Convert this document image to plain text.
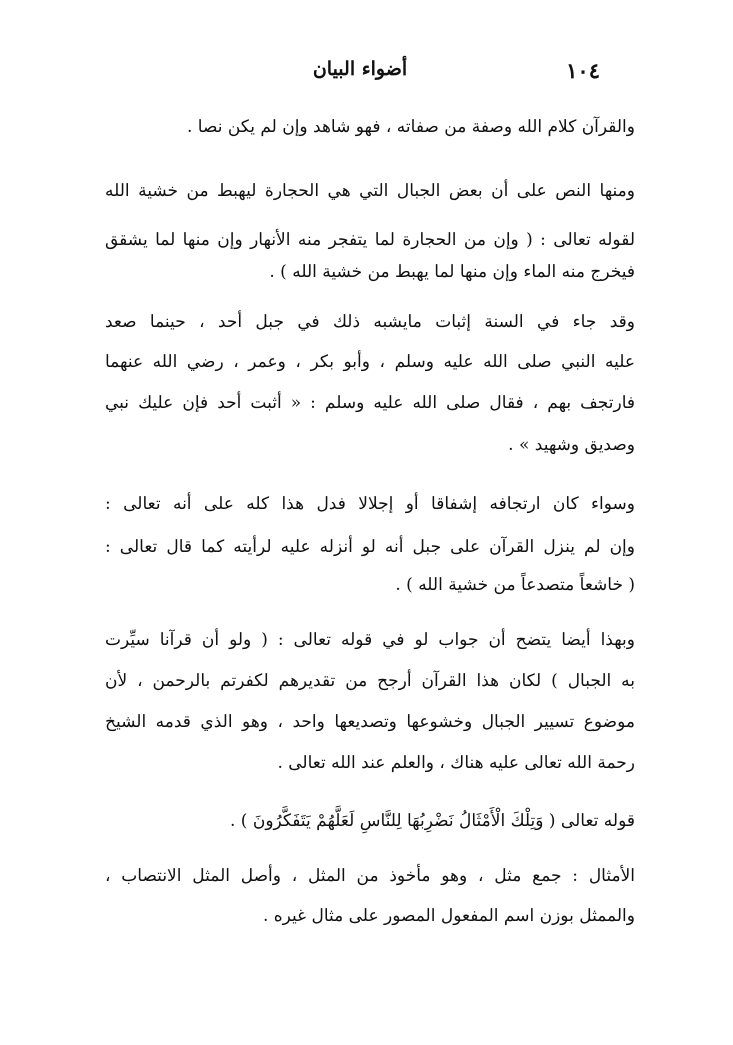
١٠٤
أضواء البيان
والقرآن كلام الله وصفة من صفاته ، فهو شاهد وإن لم يكن نصا .
ومنها النص على أن بعض الجبال التي هي الحجارة ليهبط من خشية الله
لقوله تعالى : ( وإن من الحجارة لما يتفجر منه الأنهار وإن منها لما يشقق
فيخرج منه الماء وإن منها لما يهبط من خشية الله ) .
وقد جاء في السنة إثبات مايشبه ذلك في جبل أحد ، حينما صعد
عليه النبي صلى الله عليه وسلم ، وأبو بكر ، وعمر ، رضي الله عنهما
فارتجف بهم ، فقال صلى الله عليه وسلم : « أثبت أحد فإن عليك نبي
وصديق وشهيد » .
وسواء كان ارتجافه إشفاقا أو إجلالا فدل هذا كله على أنه تعالى :
وإن لم ينزل القرآن على جبل أنه لو أنزله عليه لرأيته كما قال تعالى :
( خاشعاً متصدعاً من خشية الله ) .
وبهذا أيضا يتضح أن جواب لو في قوله تعالى : ( ولو أن قرآنا سيِّرت
به الجبال ) لكان هذا القرآن أرجح من تقديرهم لكفرتم بالرحمن ، لأن
موضوع تسيير الجبال وخشوعها وتصديعها واحد ، وهو الذي قدمه الشيخ
رحمة الله تعالى عليه هناك ، والعلم عند الله تعالى .
قوله تعالى ( وَتِلْكَ الْأَمْثَالُ نَضْرِبُهَا لِلنَّاسِ لَعَلَّهُمْ يَتَفَكَّرُونَ ) .
الأمثال : جمع مثل ، وهو مأخوذ من المثل ، وأصل المثل الانتصاب ،
والممثل بوزن اسم المفعول المصور على مثال غيره .
